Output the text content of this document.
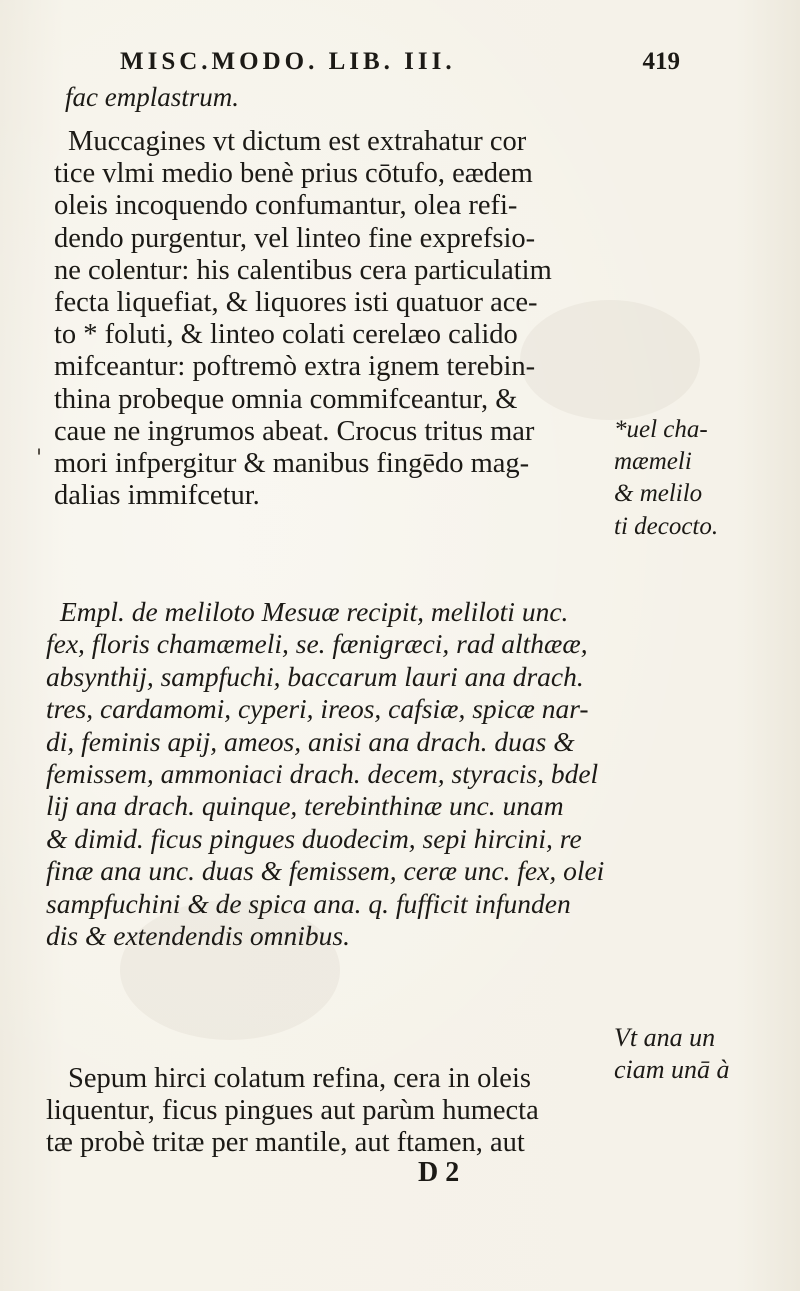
MISC.MODO. LIB. III.	419
fac emplastrum.
Muccagines vt dictum est extrahatur cor
tice vlmi medio benè prius cōtufo, eædem
oleis incoquendo confumantur, olea refi-
dendo purgentur, vel linteo fine exprefsio-
ne colentur: his calentibus cera particulatim
fecta liquefiat, & liquores isti quatuor ace-
to * foluti, & linteo colati cerelæo calido
mifceantur: poftremò extra ignem terebin-
thina probeque omnia commifceantur, &
caue ne ingrumos abeat. Crocus tritus mar
mori infpergitur & manibus fingēdo mag-
dalias immifcetur.
'
*uel cha-
mæmeli
& melilo
ti decocto.
Empl. de meliloto Mesuæ recipit, meliloti unc.
fex, floris chamæmeli, se. fænigræci, rad althææ,
absynthij, sampfuchi, baccarum lauri ana drach.
tres, cardamomi, cyperi, ireos, cafsiæ, spicæ nar-
di, feminis apij, ameos, anisi ana drach. duas &
femissem, ammoniaci drach. decem, styracis, bdel
lij ana drach. quinque, terebinthinæ unc. unam
& dimid. ficus pingues duodecim, sepi hircini, re
finæ ana unc. duas & femissem, ceræ unc. fex, olei
sampfuchini & de spica ana. q. fufficit infunden
dis & extendendis omnibus.
Vt ana un
ciam unā à
Sepum hirci colatum refina, cera in oleis
liquentur, ficus pingues aut parùm humecta
tæ probè tritæ per mantile, aut ftamen, aut
D 2
